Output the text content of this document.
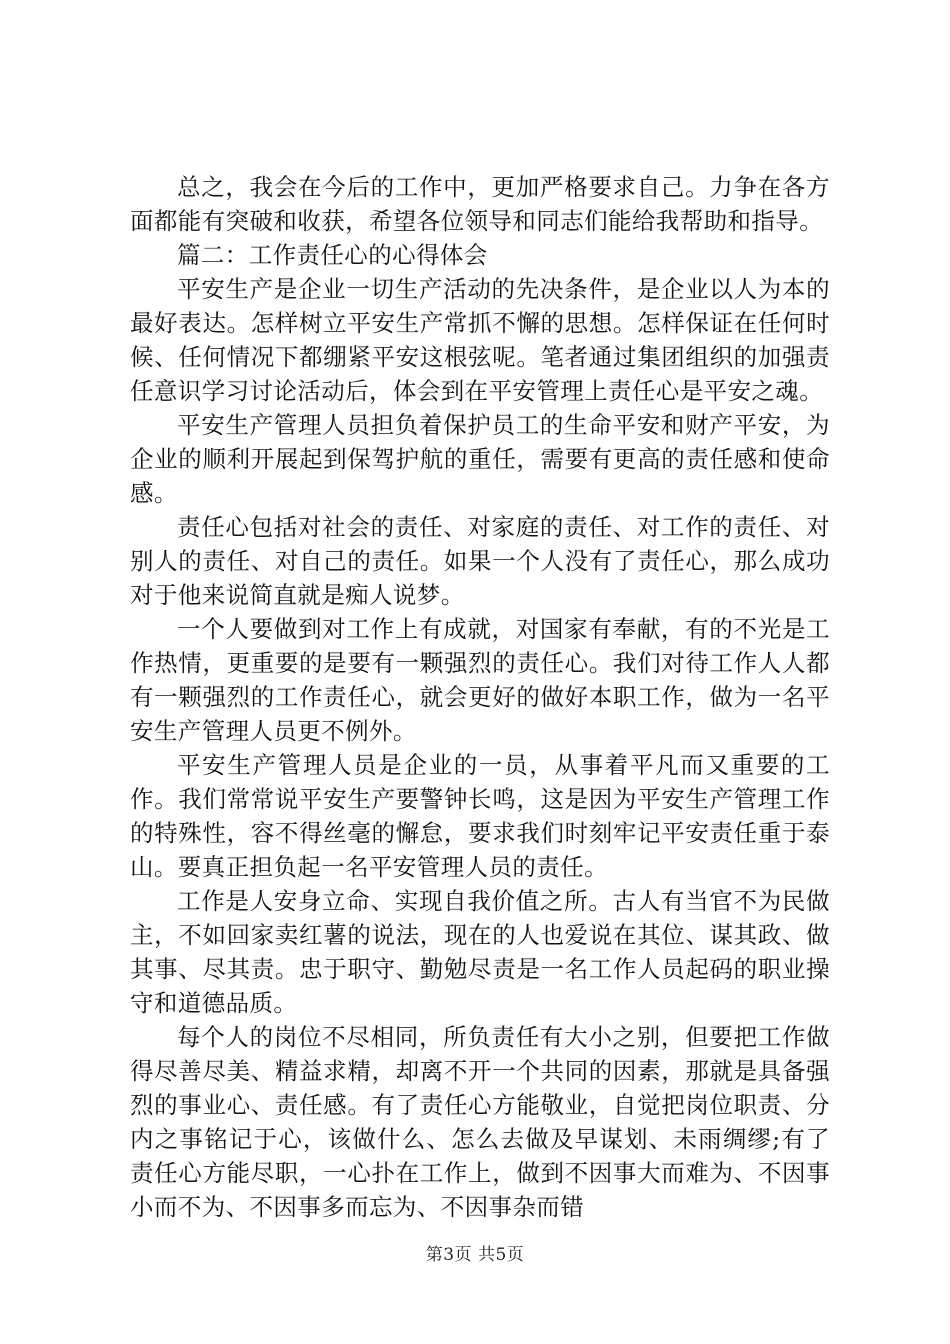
总之，我会在今后的工作中，更加严格要求自己。力争在各方面都能有突破和收获，希望各位领导和同志们能给我帮助和指导。

篇二：工作责任心的心得体会

平安生产是企业一切生产活动的先决条件，是企业以人为本的最好表达。怎样树立平安生产常抓不懈的思想。怎样保证在任何时候、任何情况下都绷紧平安这根弦呢。笔者通过集团组织的加强责任意识学习讨论活动后，体会到在平安管理上责任心是平安之魂。

平安生产管理人员担负着保护员工的生命平安和财产平安，为企业的顺利开展起到保驾护航的重任，需要有更高的责任感和使命感。

责任心包括对社会的责任、对家庭的责任、对工作的责任、对别人的责任、对自己的责任。如果一个人没有了责任心，那么成功对于他来说简直就是痴人说梦。

一个人要做到对工作上有成就，对国家有奉献，有的不光是工作热情，更重要的是要有一颗强烈的责任心。我们对待工作人人都有一颗强烈的工作责任心，就会更好的做好本职工作，做为一名平安生产管理人员更不例外。

平安生产管理人员是企业的一员，从事着平凡而又重要的工作。我们常常说平安生产要警钟长鸣，这是因为平安生产管理工作的特殊性，容不得丝毫的懈怠，要求我们时刻牢记平安责任重于泰山。要真正担负起一名平安管理人员的责任。

工作是人安身立命、实现自我价值之所。古人有当官不为民做主，不如回家卖红薯的说法，现在的人也爱说在其位、谋其政、做其事、尽其责。忠于职守、勤勉尽责是一名工作人员起码的职业操守和道德品质。

每个人的岗位不尽相同，所负责任有大小之别，但要把工作做得尽善尽美、精益求精，却离不开一个共同的因素，那就是具备强烈的事业心、责任感。有了责任心方能敬业，自觉把岗位职责、分内之事铭记于心，该做什么、怎么去做及早谋划、未雨绸缪;有了责任心方能尽职，一心扑在工作上，做到不因事大而难为、不因事小而不为、不因事多而忘为、不因事杂而错

第3页 共5页
